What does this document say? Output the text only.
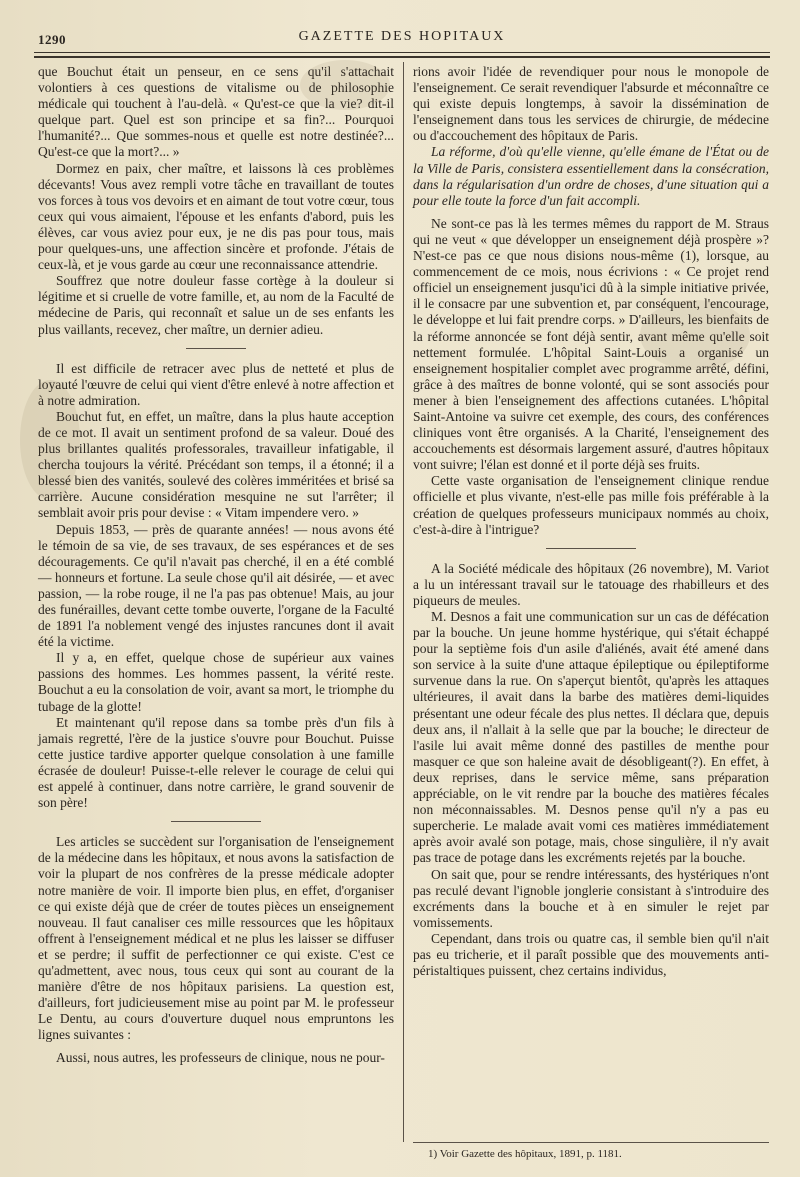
1290	GAZETTE DES HOPITAUX

que Bouchut était un penseur, en ce sens qu'il s'attachait volontiers à ces questions de vitalisme ou de philosophie médicale qui touchent à l'au-delà. « Qu'est-ce que la vie? dit-il quelque part. Quel est son principe et sa fin?... Pourquoi l'humanité?... Que sommes-nous et quelle est notre destinée?... Qu'est-ce que la mort?... »

Dormez en paix, cher maître, et laissons là ces problèmes décevants! Vous avez rempli votre tâche en travaillant de toutes vos forces à tous vos devoirs et en aimant de tout votre cœur, tous ceux qui vous aimaient, l'épouse et les enfants d'abord, puis les élèves, car vous aviez pour eux, je ne dis pas pour tous, mais pour quelques-uns, une affection sincère et profonde. J'étais de ceux-là, et je vous garde au cœur une reconnaissance attendrie.

Souffrez que notre douleur fasse cortège à la douleur si légitime et si cruelle de votre famille, et, au nom de la Faculté de médecine de Paris, qui reconnaît et salue un de ses enfants les plus vaillants, recevez, cher maître, un dernier adieu.

Il est difficile de retracer avec plus de netteté et plus de loyauté l'œuvre de celui qui vient d'être enlevé à notre affection et à notre admiration.

Bouchut fut, en effet, un maître, dans la plus haute acception de ce mot. Il avait un sentiment profond de sa valeur. Doué des plus brillantes qualités professorales, travailleur infatigable, il chercha toujours la vérité. Précédant son temps, il a étonné; il a blessé bien des vanités, soulevé des colères imméritées et brisé sa carrière. Aucune considération mesquine ne sut l'arrêter; il semblait avoir pris pour devise : « Vitam impendere vero. »

Depuis 1853, — près de quarante années! — nous avons été le témoin de sa vie, de ses travaux, de ses espérances et de ses découragements. Ce qu'il n'avait pas cherché, il en a été comblé — honneurs et fortune. La seule chose qu'il ait désirée, — et avec passion, — la robe rouge, il ne l'a pas pas obtenue! Mais, au jour des funérailles, devant cette tombe ouverte, l'organe de la Faculté de 1891 l'a noblement vengé des injustes rancunes dont il avait été la victime.

Il y a, en effet, quelque chose de supérieur aux vaines passions des hommes. Les hommes passent, la vérité reste. Bouchut a eu la consolation de voir, avant sa mort, le triomphe du tubage de la glotte!

Et maintenant qu'il repose dans sa tombe près d'un fils à jamais regretté, l'ère de la justice s'ouvre pour Bouchut. Puisse cette justice tardive apporter quelque consolation à une famille écrasée de douleur! Puisse-t-elle relever le courage de celui qui est appelé à continuer, dans notre carrière, le grand souvenir de son père!

Les articles se succèdent sur l'organisation de l'enseignement de la médecine dans les hôpitaux, et nous avons la satisfaction de voir la plupart de nos confrères de la presse médicale adopter notre manière de voir. Il importe bien plus, en effet, d'organiser ce qui existe déjà que de créer de toutes pièces un enseignement nouveau. Il faut canaliser ces mille ressources que les hôpitaux offrent à l'enseignement médical et ne plus les laisser se diffuser et se perdre; il suffit de perfectionner ce qui existe. C'est ce qu'admettent, avec nous, tous ceux qui sont au courant de la manière d'être de nos hôpitaux parisiens. La question est, d'ailleurs, fort judicieusement mise au point par M. le professeur Le Dentu, au cours d'ouverture duquel nous empruntons les lignes suivantes :

Aussi, nous autres, les professeurs de clinique, nous ne pour-

rions avoir l'idée de revendiquer pour nous le monopole de l'enseignement. Ce serait revendiquer l'absurde et méconnaître ce qui existe depuis longtemps, à savoir la dissémination de l'enseignement dans tous les services de chirurgie, de médecine ou d'accouchement des hôpitaux de Paris.

La réforme, d'où qu'elle vienne, qu'elle émane de l'État ou de la Ville de Paris, consistera essentiellement dans la consécration, dans la régularisation d'un ordre de choses, d'une situation qui a pour elle toute la force d'un fait accompli.

Ne sont-ce pas là les termes mêmes du rapport de M. Straus qui ne veut « que développer un enseignement déjà prospère »? N'est-ce pas ce que nous disions nous-même (1), lorsque, au commencement de ce mois, nous écrivions : « Ce projet rend officiel un enseignement jusqu'ici dû à la simple initiative privée, il le consacre par une subvention et, par conséquent, l'encourage, le développe et lui fait prendre corps. » D'ailleurs, les bienfaits de la réforme annoncée se font déjà sentir, avant même qu'elle soit nettement formulée. L'hôpital Saint-Louis a organisé un enseignement hospitalier complet avec programme arrêté, défini, grâce à des maîtres de bonne volonté, qui se sont associés pour mener à bien l'enseignement des affections cutanées. L'hôpital Saint-Antoine va suivre cet exemple, des cours, des conférences cliniques vont être organisés. A la Charité, l'enseignement des accouchements est désormais largement assuré, d'autres hôpitaux vont suivre; l'élan est donné et il porte déjà ses fruits.

Cette vaste organisation de l'enseignement clinique rendue officielle et plus vivante, n'est-elle pas mille fois préférable à la création de quelques professeurs municipaux nommés au choix, c'est-à-dire à l'intrigue?

A la Société médicale des hôpitaux (26 novembre), M. Variot a lu un intéressant travail sur le tatouage des rhabilleurs et des piqueurs de meules.

M. Desnos a fait une communication sur un cas de défécation par la bouche. Un jeune homme hystérique, qui s'était échappé pour la septième fois d'un asile d'aliénés, avait été amené dans son service à la suite d'une attaque épileptique ou épileptiforme survenue dans la rue. On s'aperçut bientôt, qu'après les attaques ultérieures, il avait dans la barbe des matières demi-liquides présentant une odeur fécale des plus nettes. Il déclara que, depuis deux ans, il n'allait à la selle que par la bouche; le directeur de l'asile lui avait même donné des pastilles de menthe pour masquer ce que son haleine avait de désobligeant(?). En effet, à deux reprises, dans le service même, sans préparation appréciable, on le vit rendre par la bouche des matières fécales non méconnaissables. M. Desnos pense qu'il n'y a pas eu supercherie. Le malade avait vomi ces matières immédiatement après avoir avalé son potage, mais, chose singulière, il n'y avait pas trace de potage dans les excréments rejetés par la bouche.

On sait que, pour se rendre intéressants, des hystériques n'ont pas reculé devant l'ignoble jonglerie consistant à s'introduire des excréments dans la bouche et à en simuler le rejet par vomissements.

Cependant, dans trois ou quatre cas, il semble bien qu'il n'ait pas eu tricherie, et il paraît possible que des mouvements anti-péristaltiques puissent, chez certains individus,

1) Voir Gazette des hôpitaux, 1891, p. 1181.
